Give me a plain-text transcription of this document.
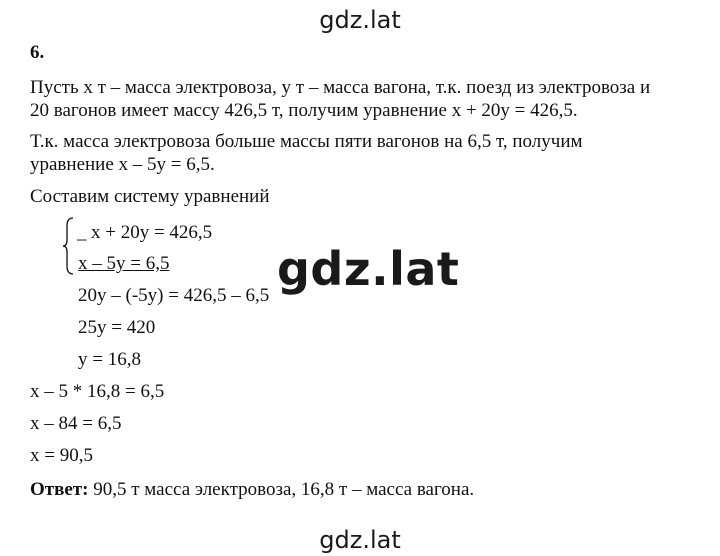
gdz.lat
6.
Пусть х т – масса электровоза, у т – масса вагона, т.к. поезд из электровоза и
20 вагонов имеет массу 426,5 т, получим уравнение х + 20у = 426,5.
Т.к. масса электровоза больше массы пяти вагонов на 6,5 т, получим
уравнение х – 5у = 6,5.
Составим систему уравнений
_ х + 20у = 426,5
х – 5у = 6,5
20у – (-5у) = 426,5 – 6,5
25у = 420
у = 16,8
х – 5 * 16,8 = 6,5
х – 84 = 6,5
х = 90,5
Ответ: 90,5 т масса электровоза, 16,8 т – масса вагона.
gdz.lat
gdz.lat
